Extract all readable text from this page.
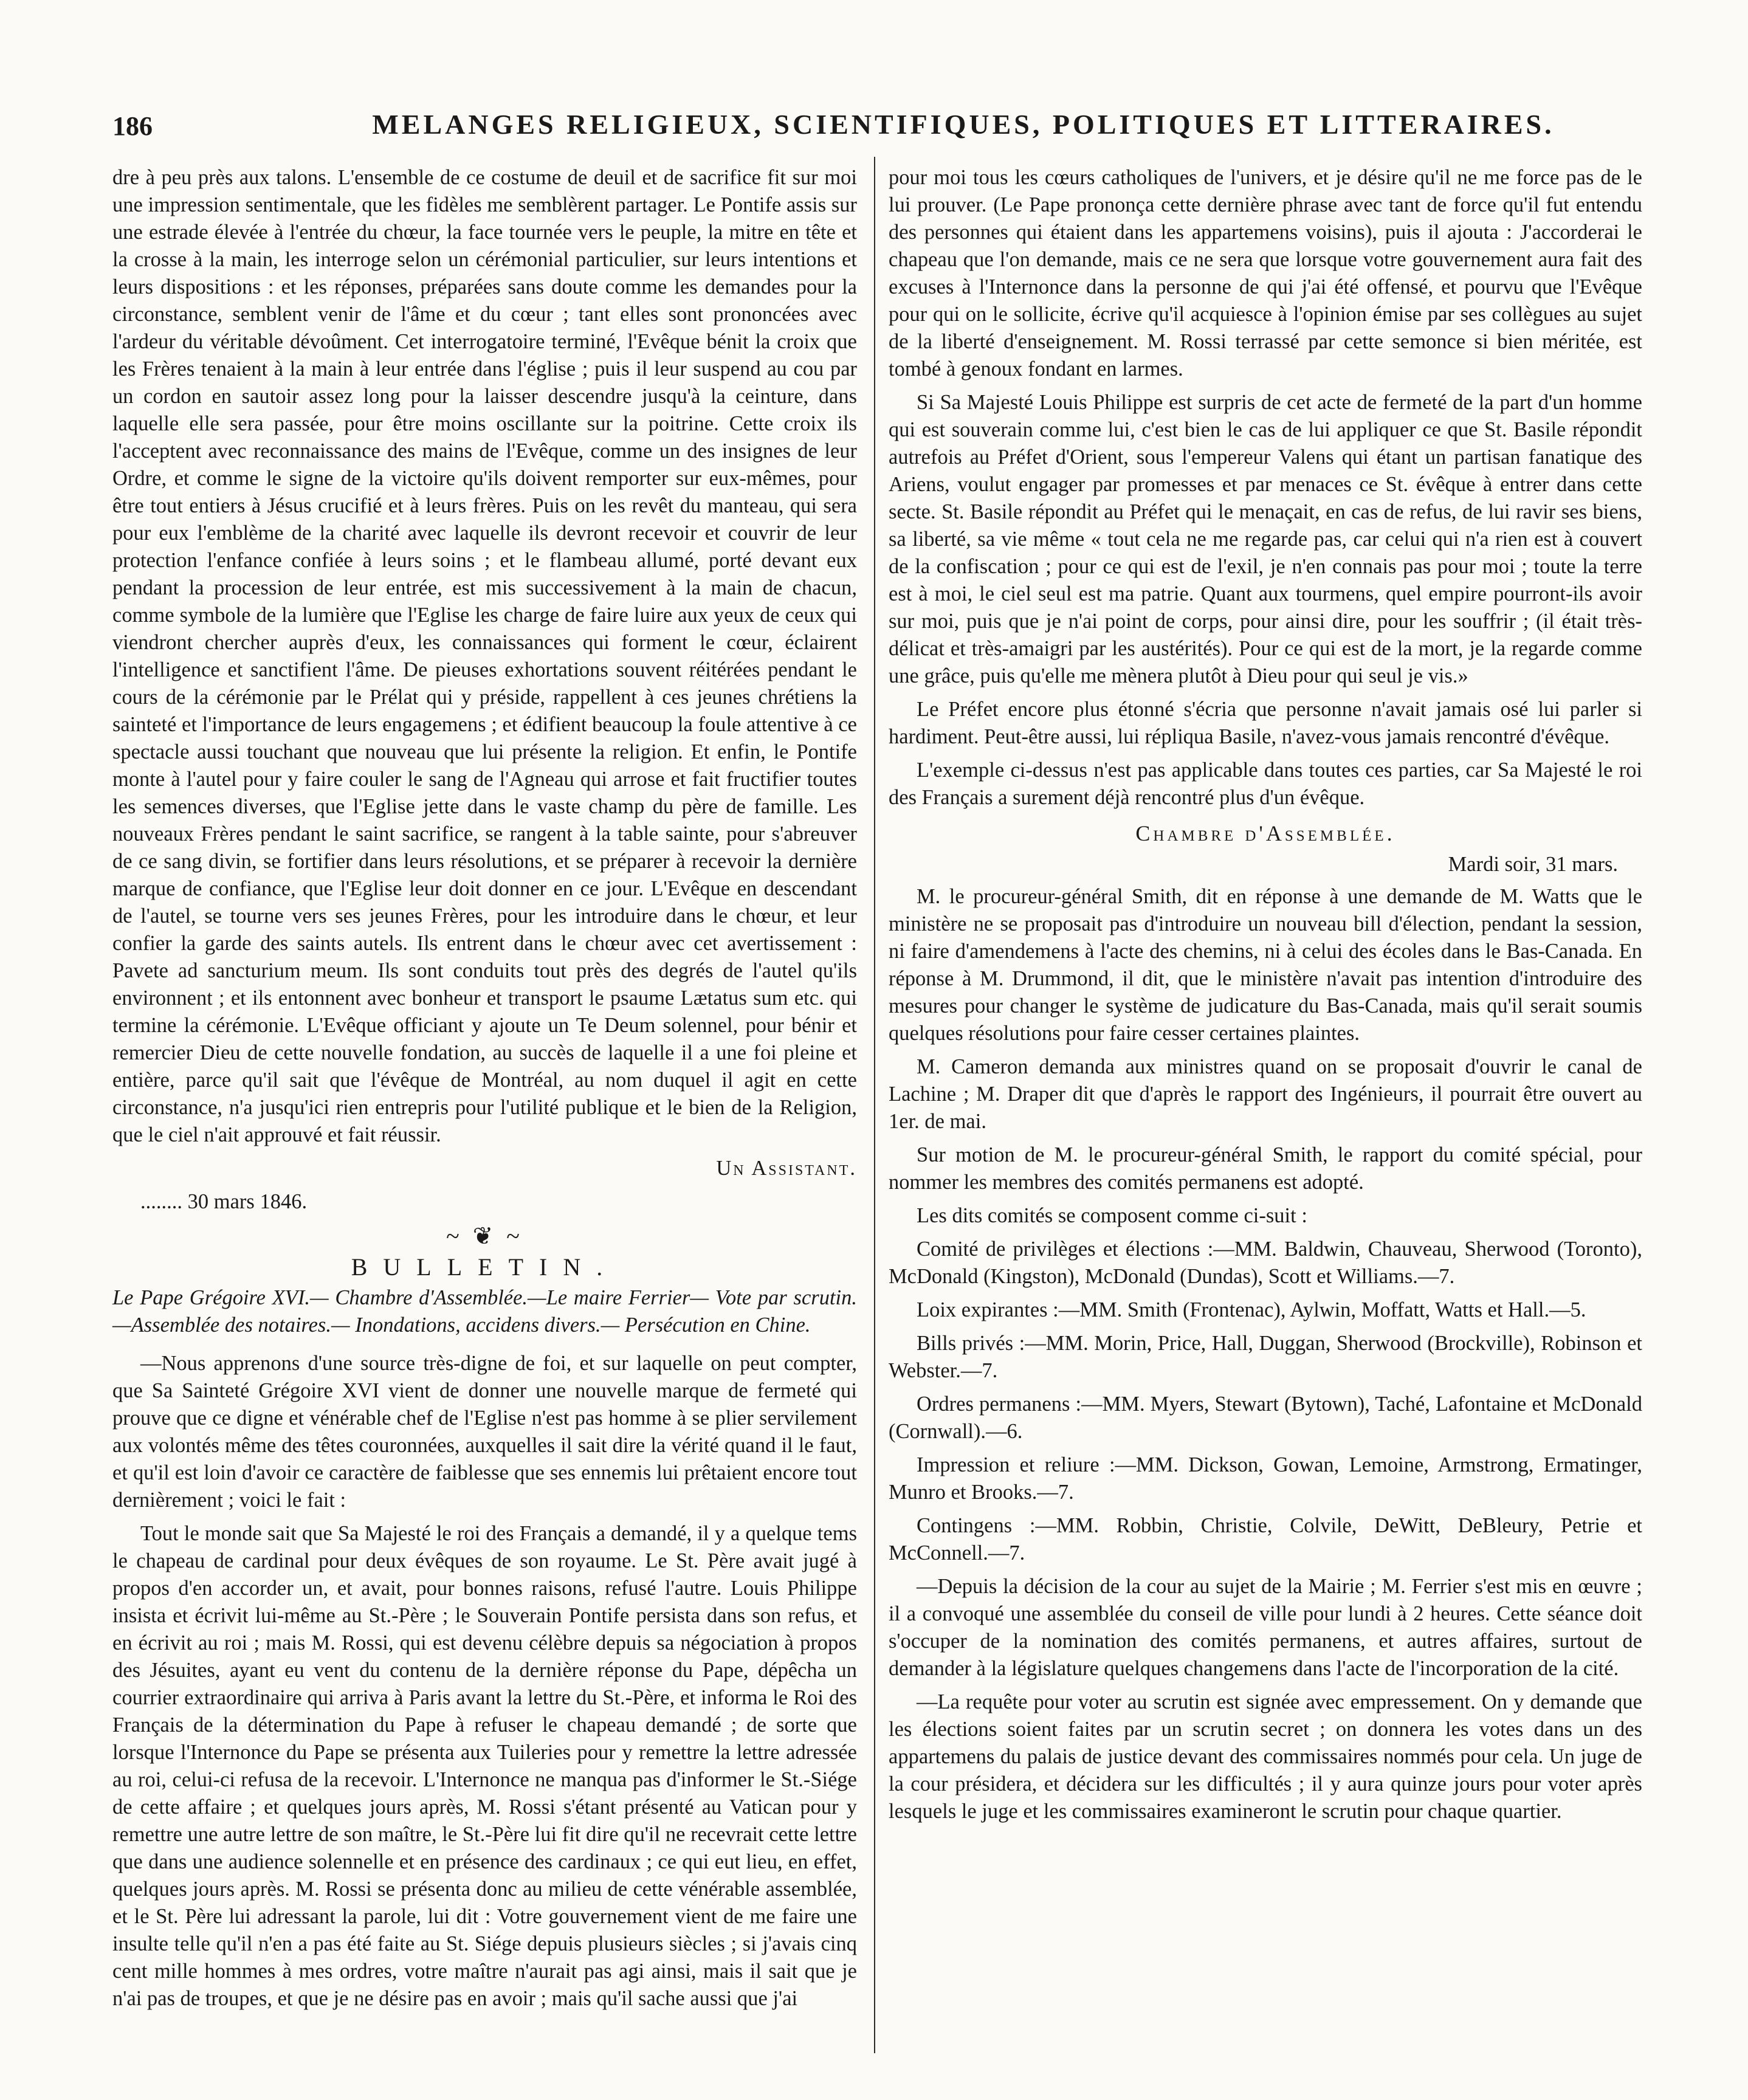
186	MELANGES RELIGIEUX, SCIENTIFIQUES, POLITIQUES ET LITTERAIRES.

dre à peu près aux talons. L'ensemble de ce costume de deuil et de sacrifice fit sur moi une impression sentimentale, que les fidèles me semblèrent partager. Le Pontife assis sur une estrade élevée à l'entrée du chœur, la face tournée vers le peuple, la mitre en tête et la crosse à la main, les interroge selon un cérémonial particulier, sur leurs intentions et leurs dispositions : et les réponses, préparées sans doute comme les demandes pour la circonstance, semblent venir de l'âme et du cœur ; tant elles sont prononcées avec l'ardeur du véritable dévoûment. Cet interrogatoire terminé, l'Evêque bénit la croix que les Frères tenaient à la main à leur entrée dans l'église ; puis il leur suspend au cou par un cordon en sautoir assez long pour la laisser descendre jusqu'à la ceinture, dans laquelle elle sera passée, pour être moins oscillante sur la poitrine. Cette croix ils l'acceptent avec reconnaissance des mains de l'Evêque, comme un des insignes de leur Ordre, et comme le signe de la victoire qu'ils doivent remporter sur eux-mêmes, pour être tout entiers à Jésus crucifié et à leurs frères. Puis on les revêt du manteau, qui sera pour eux l'emblème de la charité avec laquelle ils devront recevoir et couvrir de leur protection l'enfance confiée à leurs soins ; et le flambeau allumé, porté devant eux pendant la procession de leur entrée, est mis successivement à la main de chacun, comme symbole de la lumière que l'Eglise les charge de faire luire aux yeux de ceux qui viendront chercher auprès d'eux, les connaissances qui forment le cœur, éclairent l'intelligence et sanctifient l'âme. De pieuses exhortations souvent réitérées pendant le cours de la cérémonie par le Prélat qui y préside, rappellent à ces jeunes chrétiens la sainteté et l'importance de leurs engagemens ; et édifient beaucoup la foule attentive à ce spectacle aussi touchant que nouveau que lui présente la religion. Et enfin, le Pontife monte à l'autel pour y faire couler le sang de l'Agneau qui arrose et fait fructifier toutes les semences diverses, que l'Eglise jette dans le vaste champ du père de famille. Les nouveaux Frères pendant le saint sacrifice, se rangent à la table sainte, pour s'abreuver de ce sang divin, se fortifier dans leurs résolutions, et se préparer à recevoir la dernière marque de confiance, que l'Eglise leur doit donner en ce jour. L'Evêque en descendant de l'autel, se tourne vers ses jeunes Frères, pour les introduire dans le chœur, et leur confier la garde des saints autels. Ils entrent dans le chœur avec cet avertissement : Pavete ad sancturium meum. Ils sont conduits tout près des degrés de l'autel qu'ils environnent ; et ils entonnent avec bonheur et transport le psaume Lætatus sum etc. qui termine la cérémonie. L'Evêque officiant y ajoute un Te Deum solennel, pour bénir et remercier Dieu de cette nouvelle fondation, au succès de laquelle il a une foi pleine et entière, parce qu'il sait que l'évêque de Montréal, au nom duquel il agit en cette circonstance, n'a jusqu'ici rien entrepris pour l'utilité publique et le bien de la Religion, que le ciel n'ait approuvé et fait réussir.

Un Assistant.

........ 30 mars 1846.

~ ❦ ~
BULLETIN.

Le Pape Grégoire XVI.— Chambre d'Assemblée.—Le maire Ferrier— Vote par scrutin.—Assemblée des notaires.— Inondations, accidens divers.— Persécution en Chine.

—Nous apprenons d'une source très-digne de foi, et sur laquelle on peut compter, que Sa Sainteté Grégoire XVI vient de donner une nouvelle marque de fermeté qui prouve que ce digne et vénérable chef de l'Eglise n'est pas homme à se plier servilement aux volontés même des têtes couronnées, auxquelles il sait dire la vérité quand il le faut, et qu'il est loin d'avoir ce caractère de faiblesse que ses ennemis lui prêtaient encore tout dernièrement ; voici le fait :

Tout le monde sait que Sa Majesté le roi des Français a demandé, il y a quelque tems le chapeau de cardinal pour deux évêques de son royaume. Le St. Père avait jugé à propos d'en accorder un, et avait, pour bonnes raisons, refusé l'autre. Louis Philippe insista et écrivit lui-même au St.-Père ; le Souverain Pontife persista dans son refus, et en écrivit au roi ; mais M. Rossi, qui est devenu célèbre depuis sa négociation à propos des Jésuites, ayant eu vent du contenu de la dernière réponse du Pape, dépêcha un courrier extraordinaire qui arriva à Paris avant la lettre du St.-Père, et informa le Roi des Français de la détermination du Pape à refuser le chapeau demandé ; de sorte que lorsque l'Internonce du Pape se présenta aux Tuileries pour y remettre la lettre adressée au roi, celui-ci refusa de la recevoir. L'Internonce ne manqua pas d'informer le St.-Siége de cette affaire ; et quelques jours après, M. Rossi s'étant présenté au Vatican pour y remettre une autre lettre de son maître, le St.-Père lui fit dire qu'il ne recevrait cette lettre que dans une audience solennelle et en présence des cardinaux ; ce qui eut lieu, en effet, quelques jours après. M. Rossi se présenta donc au milieu de cette vénérable assemblée, et le St. Père lui adressant la parole, lui dit : Votre gouvernement vient de me faire une insulte telle qu'il n'en a pas été faite au St. Siége depuis plusieurs siècles ; si j'avais cinq cent mille hommes à mes ordres, votre maître n'aurait pas agi ainsi, mais il sait que je n'ai pas de troupes, et que je ne désire pas en avoir ; mais qu'il sache aussi que j'ai

pour moi tous les cœurs catholiques de l'univers, et je désire qu'il ne me force pas de le lui prouver. (Le Pape prononça cette dernière phrase avec tant de force qu'il fut entendu des personnes qui étaient dans les appartemens voisins), puis il ajouta : J'accorderai le chapeau que l'on demande, mais ce ne sera que lorsque votre gouvernement aura fait des excuses à l'Internonce dans la personne de qui j'ai été offensé, et pourvu que l'Evêque pour qui on le sollicite, écrive qu'il acquiesce à l'opinion émise par ses collègues au sujet de la liberté d'enseignement. M. Rossi terrassé par cette semonce si bien méritée, est tombé à genoux fondant en larmes.

Si Sa Majesté Louis Philippe est surpris de cet acte de fermeté de la part d'un homme qui est souverain comme lui, c'est bien le cas de lui appliquer ce que St. Basile répondit autrefois au Préfet d'Orient, sous l'empereur Valens qui étant un partisan fanatique des Ariens, voulut engager par promesses et par menaces ce St. évêque à entrer dans cette secte. St. Basile répondit au Préfet qui le menaçait, en cas de refus, de lui ravir ses biens, sa liberté, sa vie même « tout cela ne me regarde pas, car celui qui n'a rien est à couvert de la confiscation ; pour ce qui est de l'exil, je n'en connais pas pour moi ; toute la terre est à moi, le ciel seul est ma patrie. Quant aux tourmens, quel empire pourront-ils avoir sur moi, puis que je n'ai point de corps, pour ainsi dire, pour les souffrir ; (il était très-délicat et très-amaigri par les austérités). Pour ce qui est de la mort, je la regarde comme une grâce, puis qu'elle me mènera plutôt à Dieu pour qui seul je vis.»

Le Préfet encore plus étonné s'écria que personne n'avait jamais osé lui parler si hardiment. Peut-être aussi, lui répliqua Basile, n'avez-vous jamais rencontré d'évêque.

L'exemple ci-dessus n'est pas applicable dans toutes ces parties, car Sa Majesté le roi des Français a surement déjà rencontré plus d'un évêque.

Chambre d'Assemblée.
Mardi soir, 31 mars.

M. le procureur-général Smith, dit en réponse à une demande de M. Watts que le ministère ne se proposait pas d'introduire un nouveau bill d'élection, pendant la session, ni faire d'amendemens à l'acte des chemins, ni à celui des écoles dans le Bas-Canada. En réponse à M. Drummond, il dit, que le ministère n'avait pas intention d'introduire des mesures pour changer le système de judicature du Bas-Canada, mais qu'il serait soumis quelques résolutions pour faire cesser certaines plaintes.

M. Cameron demanda aux ministres quand on se proposait d'ouvrir le canal de Lachine ; M. Draper dit que d'après le rapport des Ingénieurs, il pourrait être ouvert au 1er. de mai.

Sur motion de M. le procureur-général Smith, le rapport du comité spécial, pour nommer les membres des comités permanens est adopté.

Les dits comités se composent comme ci-suit :

Comité de privilèges et élections :—MM. Baldwin, Chauveau, Sherwood (Toronto), McDonald (Kingston), McDonald (Dundas), Scott et Williams.—7.

Loix expirantes :—MM. Smith (Frontenac), Aylwin, Moffatt, Watts et Hall.—5.

Bills privés :—MM. Morin, Price, Hall, Duggan, Sherwood (Brockville), Robinson et Webster.—7.

Ordres permanens :—MM. Myers, Stewart (Bytown), Taché, Lafontaine et McDonald (Cornwall).—6.

Impression et reliure :—MM. Dickson, Gowan, Lemoine, Armstrong, Ermatinger, Munro et Brooks.—7.

Contingens :—MM. Robbin, Christie, Colvile, DeWitt, DeBleury, Petrie et McConnell.—7.

—Depuis la décision de la cour au sujet de la Mairie ; M. Ferrier s'est mis en œuvre ; il a convoqué une assemblée du conseil de ville pour lundi à 2 heures. Cette séance doit s'occuper de la nomination des comités permanens, et autres affaires, surtout de demander à la législature quelques changemens dans l'acte de l'incorporation de la cité.

—La requête pour voter au scrutin est signée avec empressement. On y demande que les élections soient faites par un scrutin secret ; on donnera les votes dans un des appartemens du palais de justice devant des commissaires nommés pour cela. Un juge de la cour présidera, et décidera sur les difficultés ; il y aura quinze jours pour voter après lesquels le juge et les commissaires examineront le scrutin pour chaque quartier.
